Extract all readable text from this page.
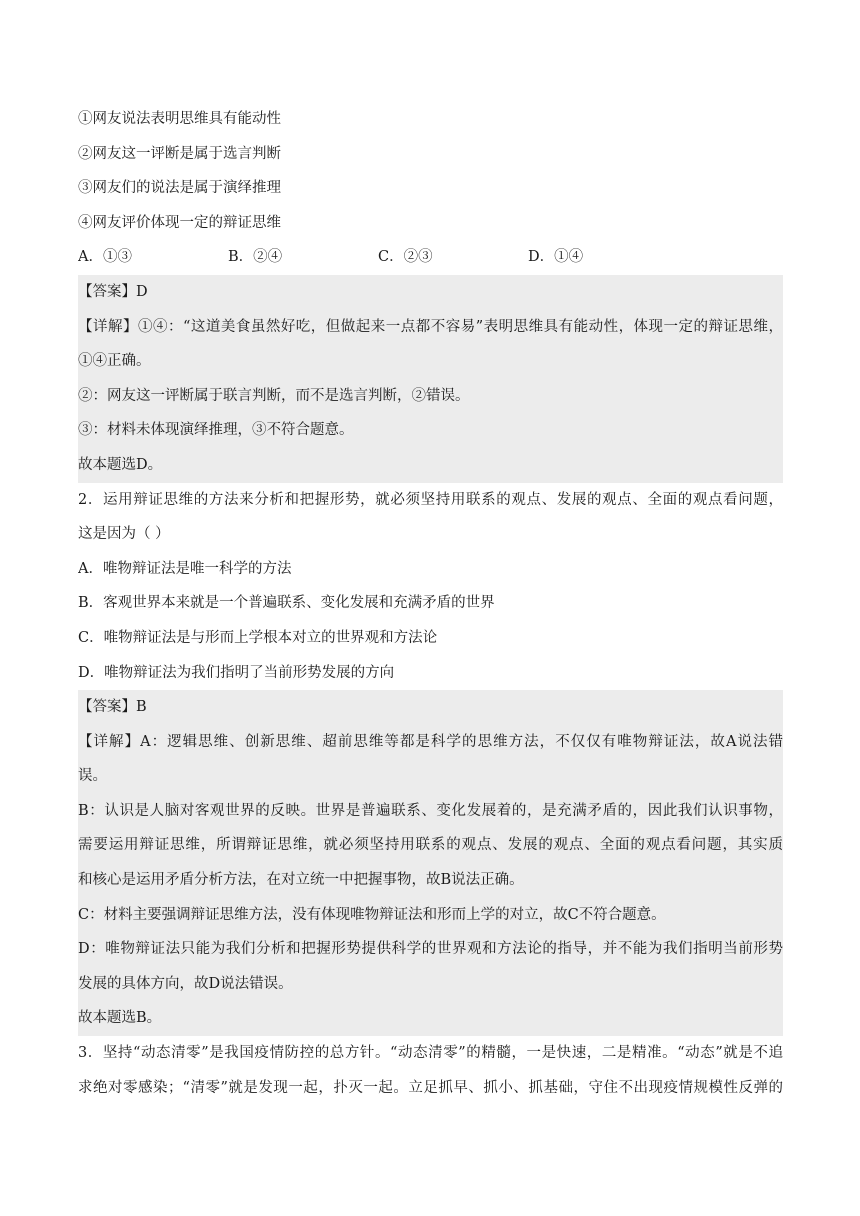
①网友说法表明思维具有能动性
②网友这一评断是属于选言判断
③网友们的说法是属于演绎推理
④网友评价体现一定的辩证思维
A．①③	B．②④	C．②③	D．①④
【答案】D
【详解】①④：“这道美食虽然好吃，但做起来一点都不容易”表明思维具有能动性，体现一定的辩证思维，
①④正确。
②：网友这一评断属于联言判断，而不是选言判断，②错误。
③：材料未体现演绎推理，③不符合题意。
故本题选D。
2．运用辩证思维的方法来分析和把握形势，就必须坚持用联系的观点、发展的观点、全面的观点看问题，
这是因为（ ）
A．唯物辩证法是唯一科学的方法
B．客观世界本来就是一个普遍联系、变化发展和充满矛盾的世界
C．唯物辩证法是与形而上学根本对立的世界观和方法论
D．唯物辩证法为我们指明了当前形势发展的方向
【答案】B
【详解】A：逻辑思维、创新思维、超前思维等都是科学的思维方法，不仅仅有唯物辩证法，故A说法错
误。
B：认识是人脑对客观世界的反映。世界是普遍联系、变化发展着的，是充满矛盾的，因此我们认识事物，
需要运用辩证思维，所谓辩证思维，就必须坚持用联系的观点、发展的观点、全面的观点看问题，其实质
和核心是运用矛盾分析方法，在对立统一中把握事物，故B说法正确。
C：材料主要强调辩证思维方法，没有体现唯物辩证法和形而上学的对立，故C不符合题意。
D：唯物辩证法只能为我们分析和把握形势提供科学的世界观和方法论的指导，并不能为我们指明当前形势
发展的具体方向，故D说法错误。
故本题选B。
3．坚持“动态清零”是我国疫情防控的总方针。“动态清零”的精髓，一是快速，二是精准。“动态”就是不追
求绝对零感染；“清零”就是发现一起，扑灭一起。立足抓早、抓小、抓基础，守住不出现疫情规模性反弹的
